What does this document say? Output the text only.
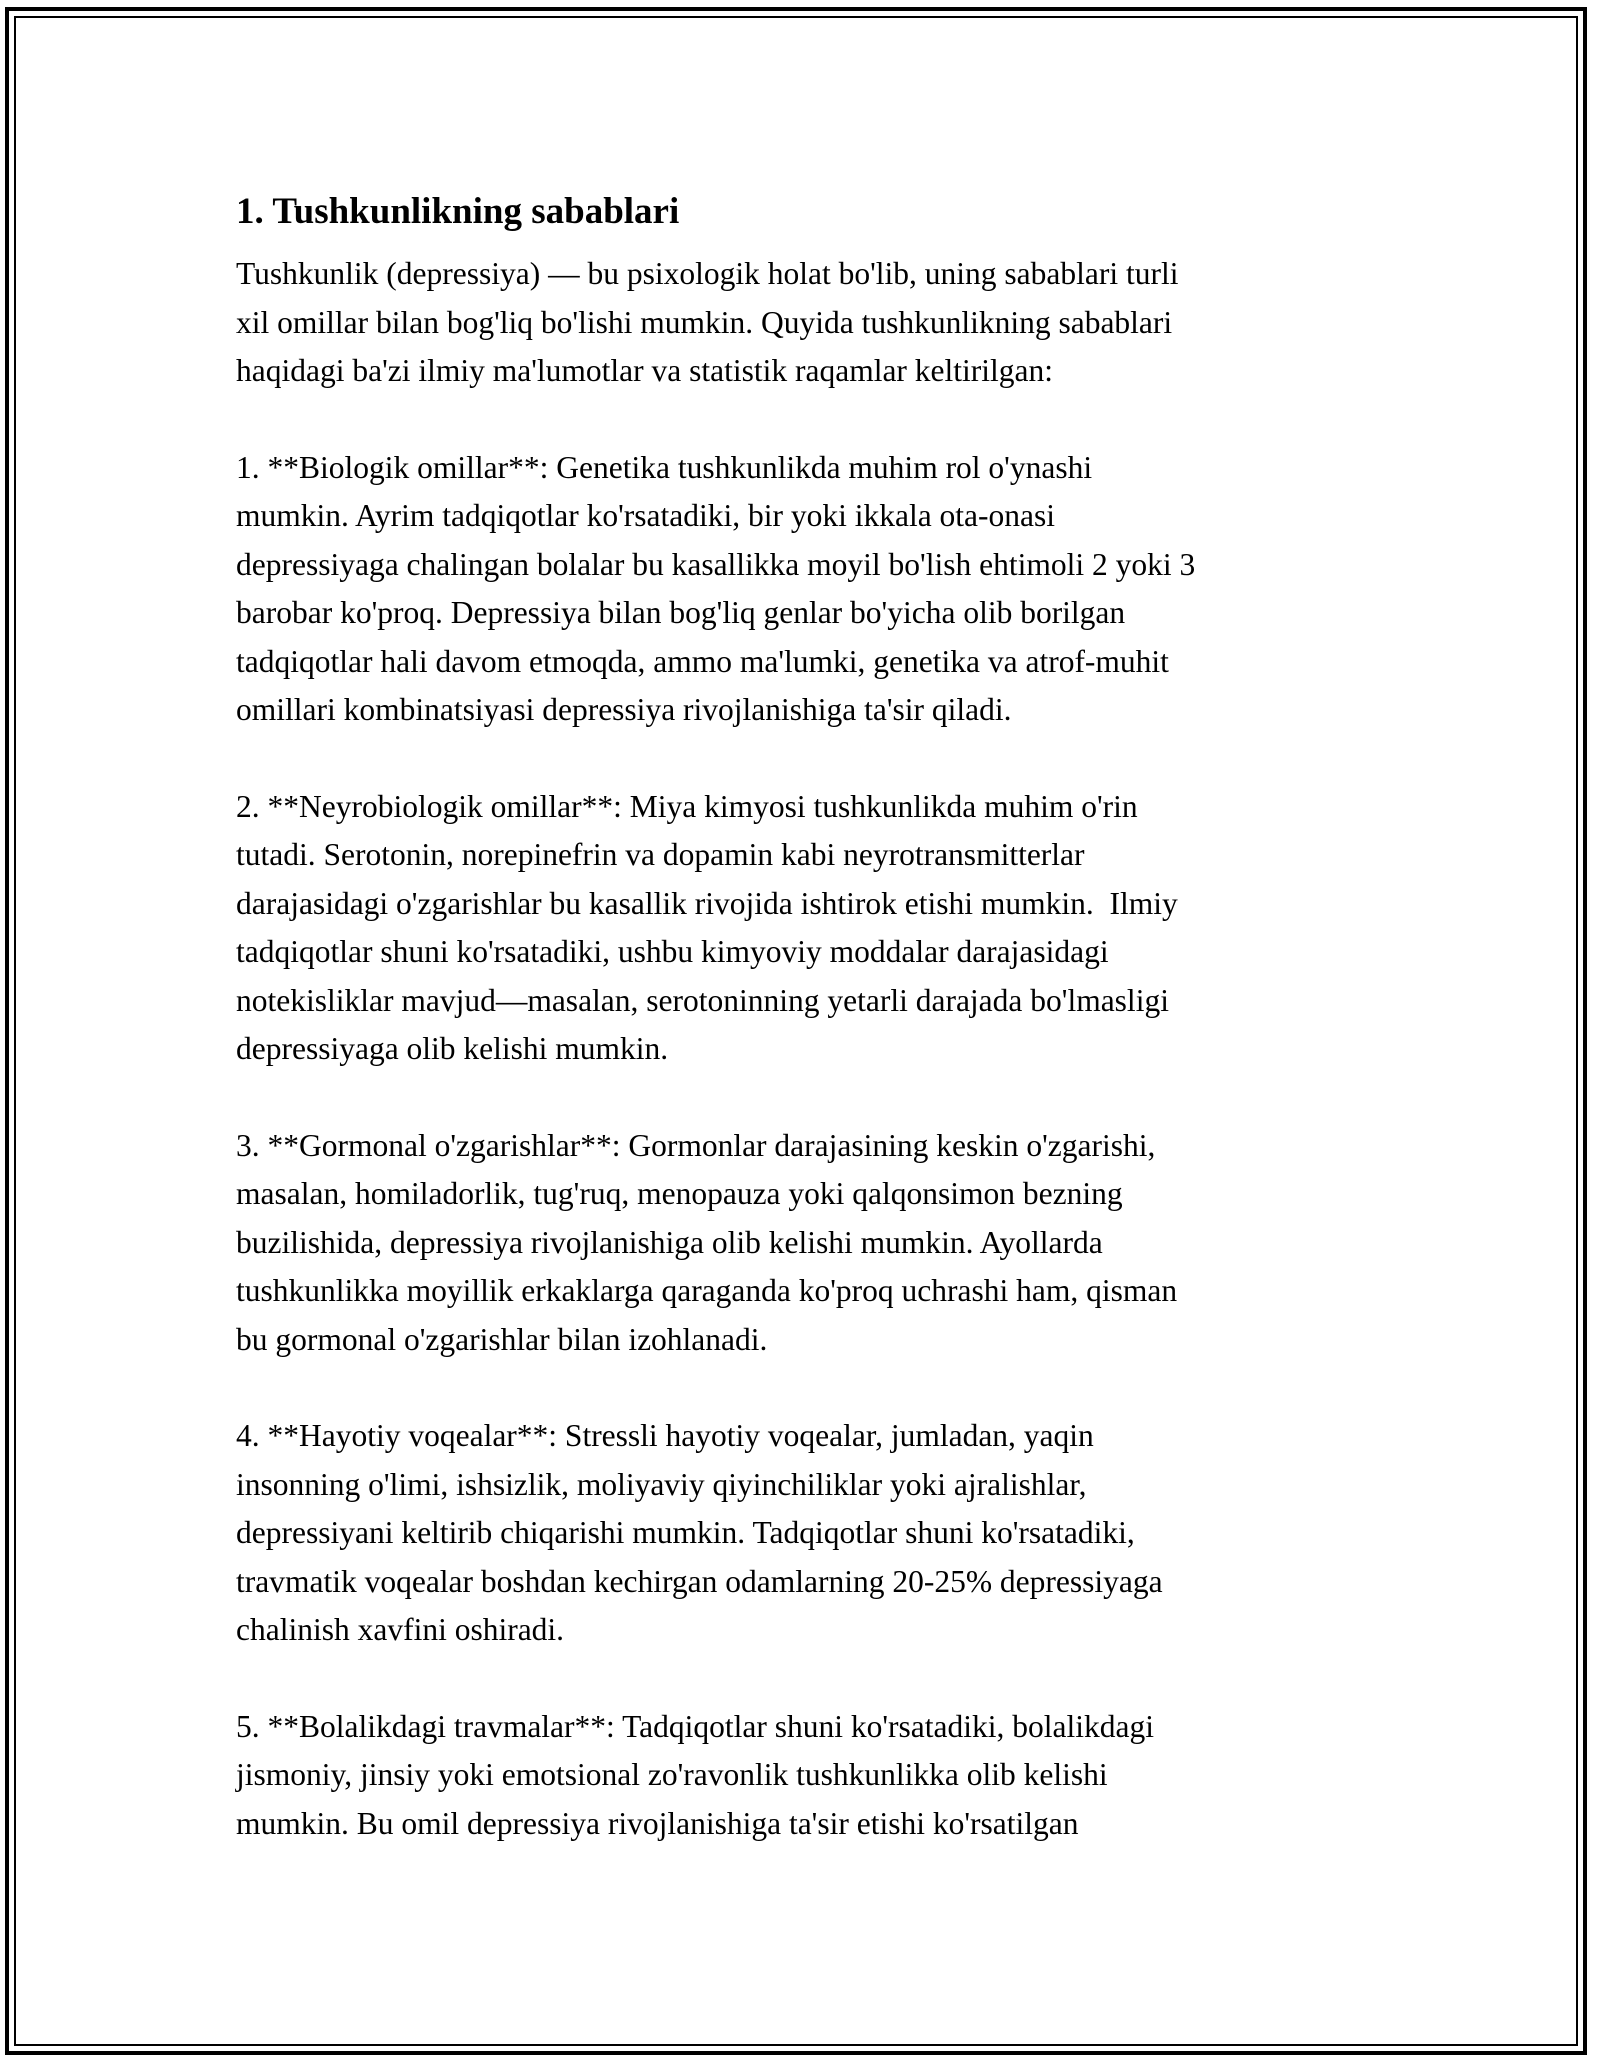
1. Tushkunlikning sabablari
Tushkunlik (depressiya) — bu psixologik holat bo'lib, uning sabablari turli
xil omillar bilan bog'liq bo'lishi mumkin. Quyida tushkunlikning sabablari
haqidagi ba'zi ilmiy ma'lumotlar va statistik raqamlar keltirilgan:
1. **Biologik omillar**: Genetika tushkunlikda muhim rol o'ynashi
mumkin. Ayrim tadqiqotlar ko'rsatadiki, bir yoki ikkala ota-onasi
depressiyaga chalingan bolalar bu kasallikka moyil bo'lish ehtimoli 2 yoki 3
barobar ko'proq. Depressiya bilan bog'liq genlar bo'yicha olib borilgan
tadqiqotlar hali davom etmoqda, ammo ma'lumki, genetika va atrof-muhit
omillari kombinatsiyasi depressiya rivojlanishiga ta'sir qiladi.
2. **Neyrobiologik omillar**: Miya kimyosi tushkunlikda muhim o'rin
tutadi. Serotonin, norepinefrin va dopamin kabi neyrotransmitterlar
darajasidagi o'zgarishlar bu kasallik rivojida ishtirok etishi mumkin.  Ilmiy
tadqiqotlar shuni ko'rsatadiki, ushbu kimyoviy moddalar darajasidagi
notekisliklar mavjud—masalan, serotoninning yetarli darajada bo'lmasligi
depressiyaga olib kelishi mumkin.
3. **Gormonal o'zgarishlar**: Gormonlar darajasining keskin o'zgarishi,
masalan, homiladorlik, tug'ruq, menopauza yoki qalqonsimon bezning
buzilishida, depressiya rivojlanishiga olib kelishi mumkin. Ayollarda
tushkunlikka moyillik erkaklarga qaraganda ko'proq uchrashi ham, qisman
bu gormonal o'zgarishlar bilan izohlanadi.
4. **Hayotiy voqealar**: Stressli hayotiy voqealar, jumladan, yaqin
insonning o'limi, ishsizlik, moliyaviy qiyinchiliklar yoki ajralishlar,
depressiyani keltirib chiqarishi mumkin. Tadqiqotlar shuni ko'rsatadiki,
travmatik voqealar boshdan kechirgan odamlarning 20-25% depressiyaga
chalinish xavfini oshiradi.
5. **Bolalikdagi travmalar**: Tadqiqotlar shuni ko'rsatadiki, bolalikdagi
jismoniy, jinsiy yoki emotsional zo'ravonlik tushkunlikka olib kelishi
mumkin. Bu omil depressiya rivojlanishiga ta'sir etishi ko'rsatilgan
